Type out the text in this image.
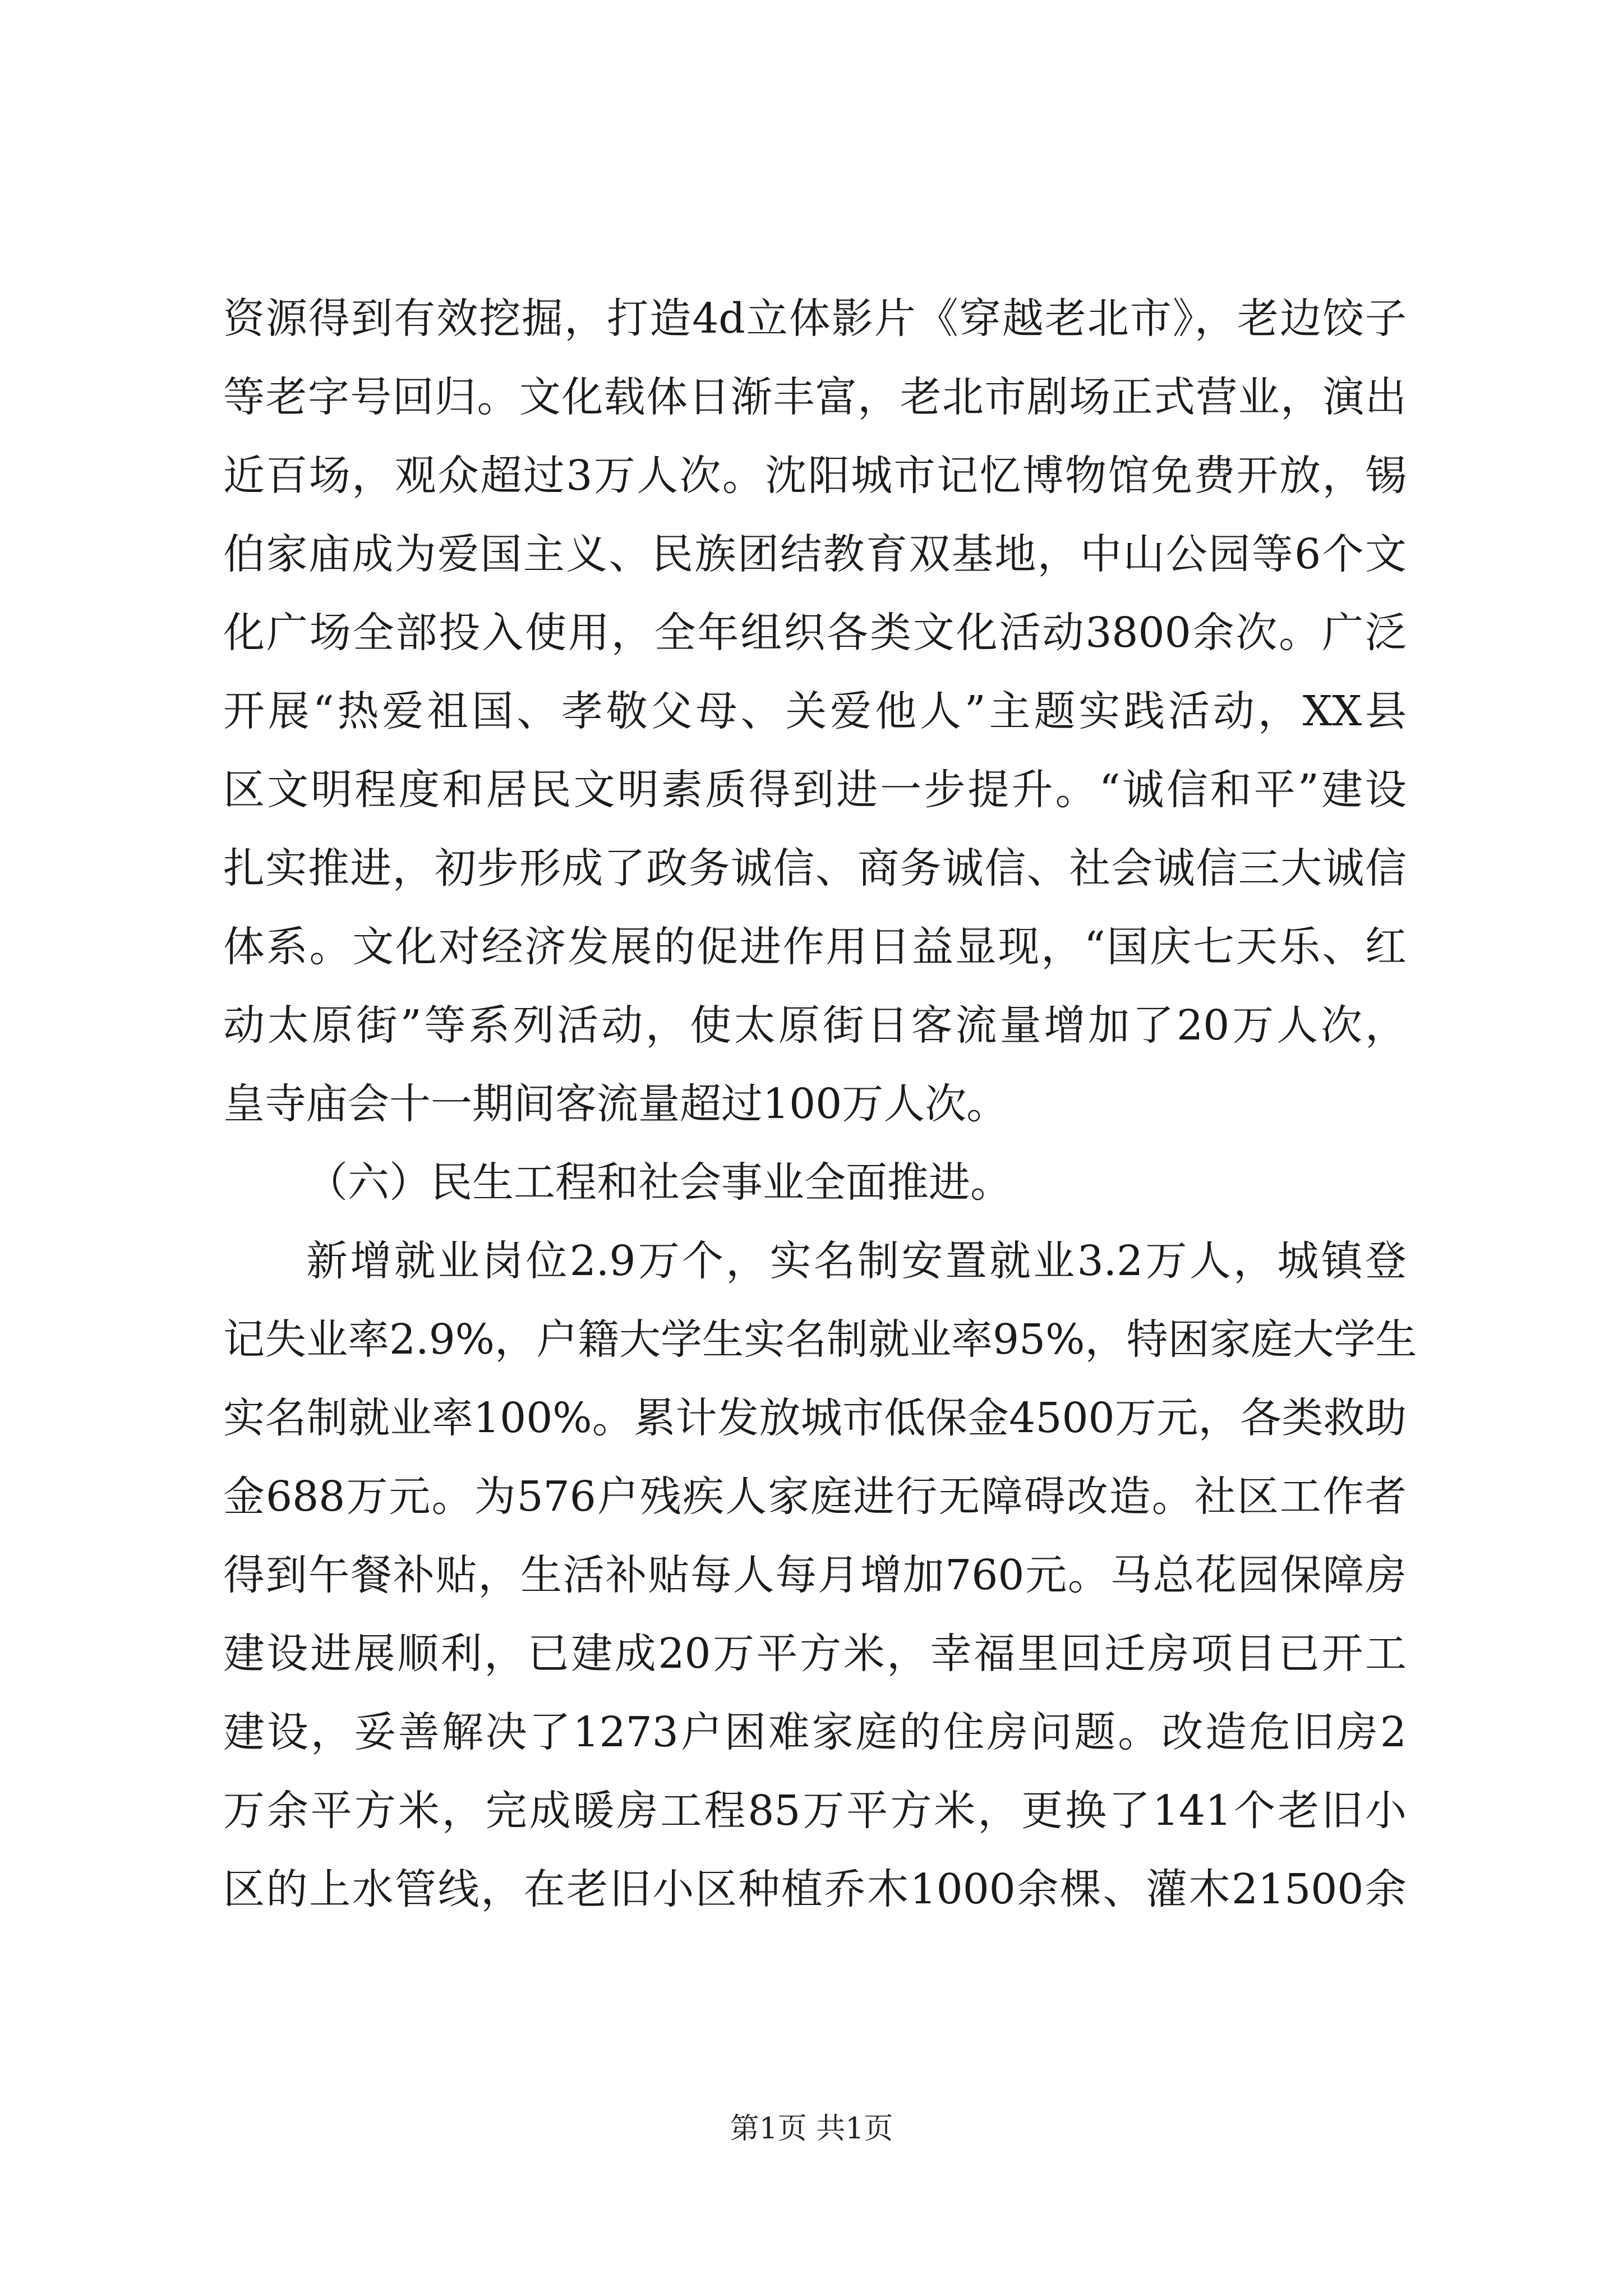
资源得到有效挖掘，打造4d立体影片《穿越老北市》，老边饺子
等老字号回归。文化载体日渐丰富，老北市剧场正式营业，演出
近百场，观众超过3万人次。沈阳城市记忆博物馆免费开放，锡
伯家庙成为爱国主义、民族团结教育双基地，中山公园等6个文
化广场全部投入使用，全年组织各类文化活动3800余次。广泛
开展“热爱祖国、孝敬父母、关爱他人”主题实践活动，XX县
区文明程度和居民文明素质得到进一步提升。“诚信和平”建设
扎实推进，初步形成了政务诚信、商务诚信、社会诚信三大诚信
体系。文化对经济发展的促进作用日益显现，“国庆七天乐、红
动太原街”等系列活动，使太原街日客流量增加了20万人次，
皇寺庙会十一期间客流量超过100万人次。
（六）民生工程和社会事业全面推进。
新增就业岗位2.9万个，实名制安置就业3.2万人，城镇登
记失业率2.9%，户籍大学生实名制就业率95%，特困家庭大学生
实名制就业率100%。累计发放城市低保金4500万元，各类救助
金688万元。为576户残疾人家庭进行无障碍改造。社区工作者
得到午餐补贴，生活补贴每人每月增加760元。马总花园保障房
建设进展顺利，已建成20万平方米，幸福里回迁房项目已开工
建设，妥善解决了1273户困难家庭的住房问题。改造危旧房2
万余平方米，完成暖房工程85万平方米，更换了141个老旧小
区的上水管线，在老旧小区种植乔木1000余棵、灌木21500余
第1页 共1页
